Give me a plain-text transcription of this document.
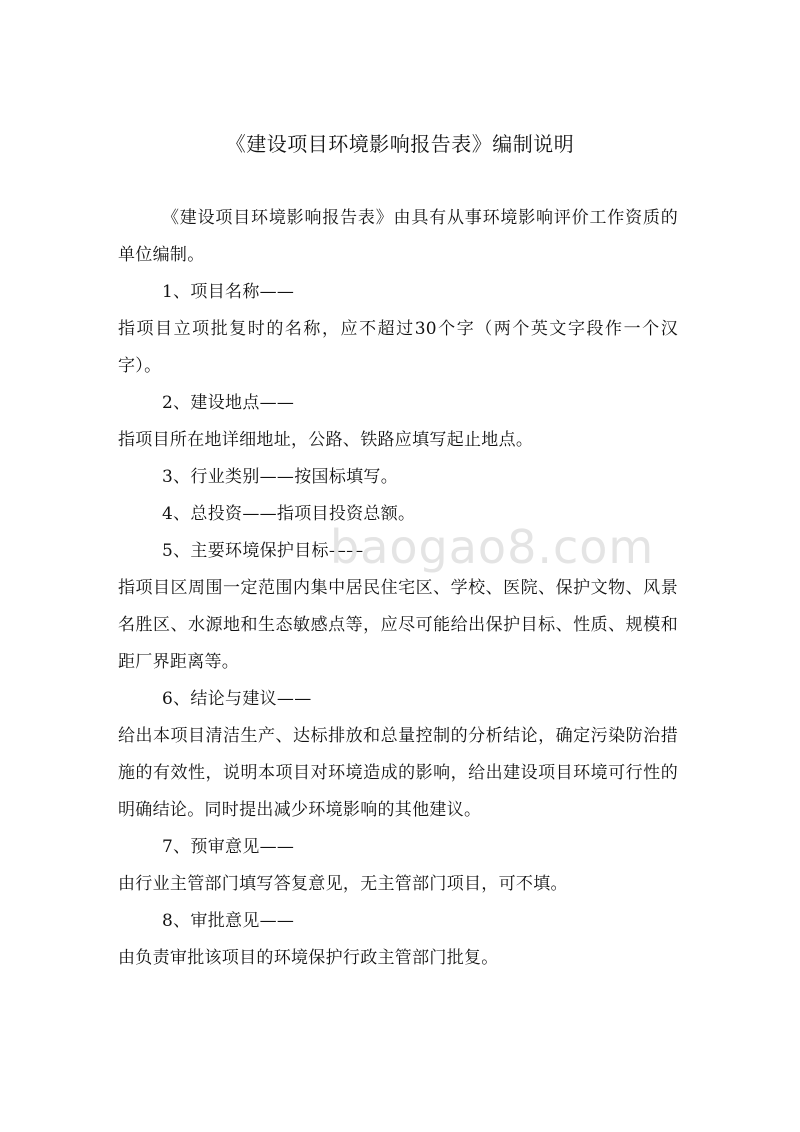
《建设项目环境影响报告表》编制说明

《建设项目环境影响报告表》由具有从事环境影响评价工作资质的单位编制。

1、项目名称——

指项目立项批复时的名称，应不超过30个字（两个英文字段作一个汉字）。

2、建设地点——

指项目所在地详细地址，公路、铁路应填写起止地点。

3、行业类别——按国标填写。

4、总投资——指项目投资总额。

5、主要环境保护目标——

指项目区周围一定范围内集中居民住宅区、学校、医院、保护文物、风景名胜区、水源地和生态敏感点等，应尽可能给出保护目标、性质、规模和距厂界距离等。

6、结论与建议——

给出本项目清洁生产、达标排放和总量控制的分析结论，确定污染防治措施的有效性，说明本项目对环境造成的影响，给出建设项目环境可行性的明确结论。同时提出减少环境影响的其他建议。

7、预审意见——

由行业主管部门填写答复意见，无主管部门项目，可不填。

8、审批意见——

由负责审批该项目的环境保护行政主管部门批复。

baogao8.com
